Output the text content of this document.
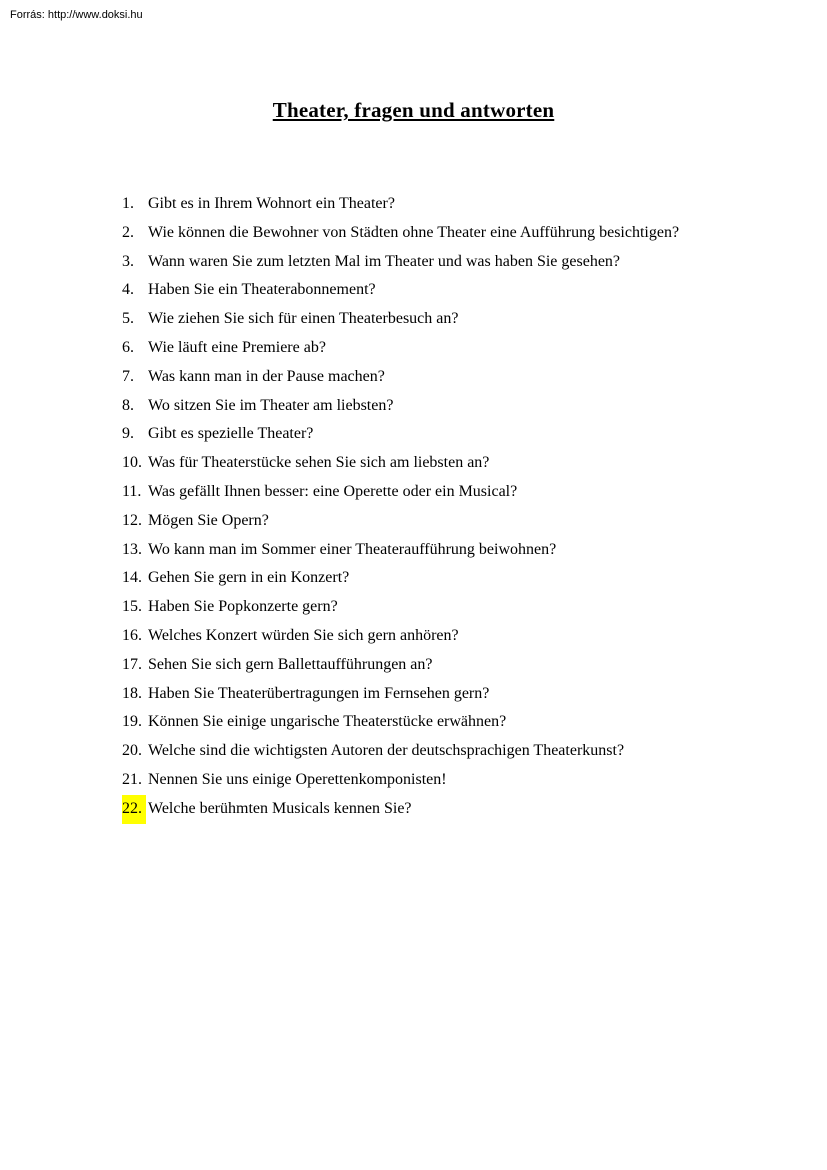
Forrás: http://www.doksi.hu
Theater, fragen und antworten
1. Gibt es in Ihrem Wohnort ein Theater?
2. Wie können die Bewohner von Städten ohne Theater eine Aufführung besichtigen?
3. Wann waren Sie zum letzten Mal im Theater und was haben Sie gesehen?
4. Haben Sie ein Theaterabonnement?
5. Wie ziehen Sie sich für einen Theaterbesuch an?
6. Wie läuft eine Premiere ab?
7. Was kann man in der Pause machen?
8. Wo sitzen Sie im Theater am liebsten?
9. Gibt es spezielle Theater?
10. Was für Theaterstücke sehen Sie sich am liebsten an?
11. Was gefällt Ihnen besser: eine Operette oder ein Musical?
12. Mögen Sie Opern?
13. Wo kann man im Sommer einer Theateraufführung beiwohnen?
14. Gehen Sie gern in ein Konzert?
15. Haben Sie Popkonzerte gern?
16. Welches Konzert würden Sie sich gern anhören?
17. Sehen Sie sich gern Ballettaufführungen an?
18. Haben Sie Theaterübertragungen im Fernsehen gern?
19. Können Sie einige ungarische Theaterstücke erwähnen?
20. Welche sind die wichtigsten Autoren der deutschsprachigen Theaterkunst?
21. Nennen Sie uns einige Operettenkomponisten!
22. Welche berühmten Musicals kennen Sie?
